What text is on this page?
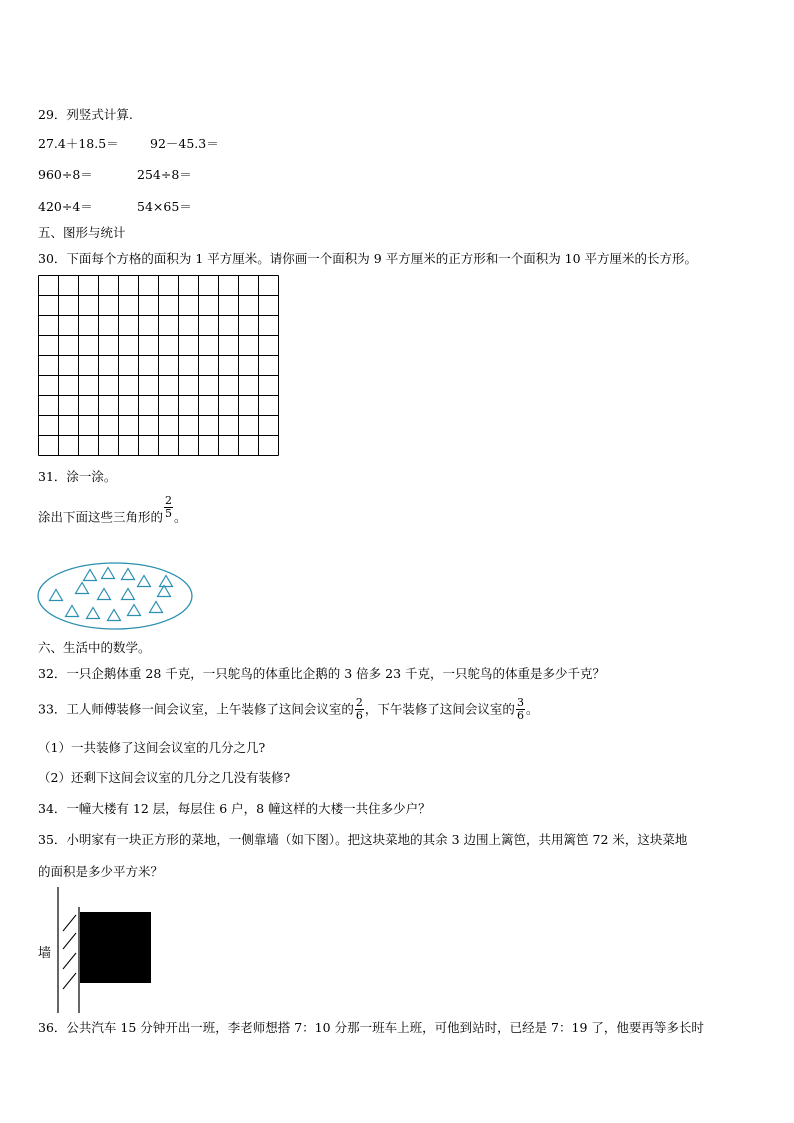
29．列竖式计算.
27.4＋18.5＝	92－45.3＝
960÷8＝	254÷8＝
420÷4＝	54×65＝
五、图形与统计
30．下面每个方格的面积为 1 平方厘米。请你画一个面积为 9 平方厘米的正方形和一个面积为 10 平方厘米的长方形。
31．涂一涂。
涂出下面这些三角形的 $\frac{2}{5}$ 。
六、生活中的数学。
32．一只企鹅体重 28 千克，一只鸵鸟的体重比企鹅的 3 倍多 23 千克，一只鸵鸟的体重是多少千克？
33．工人师傅装修一间会议室，上午装修了这间会议室的 $\frac{2}{6}$ ，下午装修了这间会议室的 $\frac{3}{6}$ 。
（1）一共装修了这间会议室的几分之几?
（2）还剩下这间会议室的几分之几没有装修?
34．一幢大楼有 12 层，每层住 6 户，8 幢这样的大楼一共住多少户？
35．小明家有一块正方形的菜地，一侧靠墙（如下图）。把这块菜地的其余 3 边围上篱笆，共用篱笆 72 米，这块菜地
的面积是多少平方米？
墙
36．公共汽车 15 分钟开出一班，李老师想搭 7：10 分那一班车上班，可他到站时，已经是 7：19 了，他要再等多长时
